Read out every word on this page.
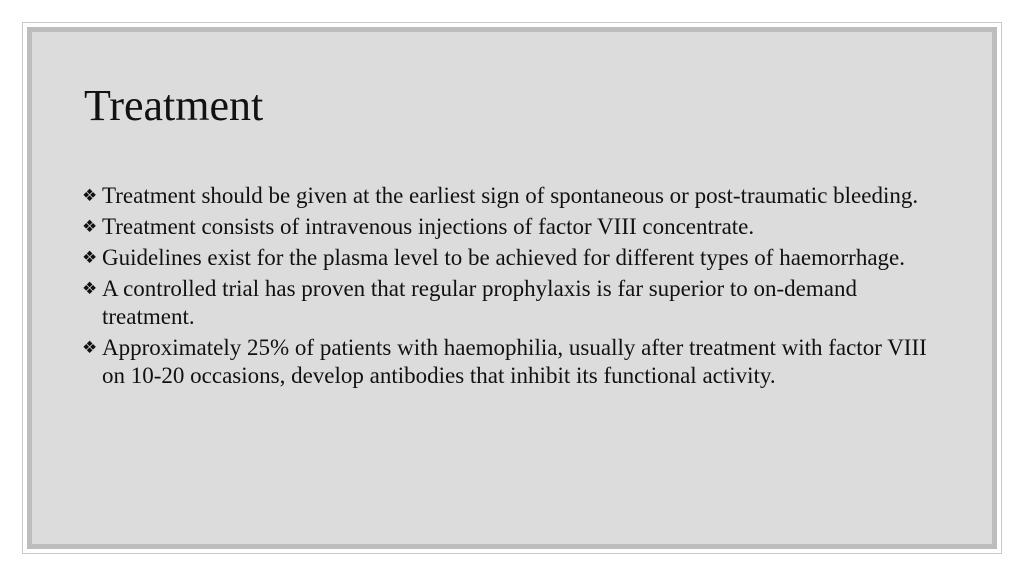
Treatment
❖ Treatment should be given at the earliest sign of spontaneous or post-traumatic bleeding.
❖ Treatment consists of intravenous injections of factor VIII concentrate.
❖ Guidelines exist for the plasma level to be achieved for different types of haemorrhage.
❖ A controlled trial has proven that regular prophylaxis is far superior to on-demand treatment.
❖ Approximately 25% of patients with haemophilia, usually after treatment with factor VIII on 10-20 occasions, develop antibodies that inhibit its functional activity.
